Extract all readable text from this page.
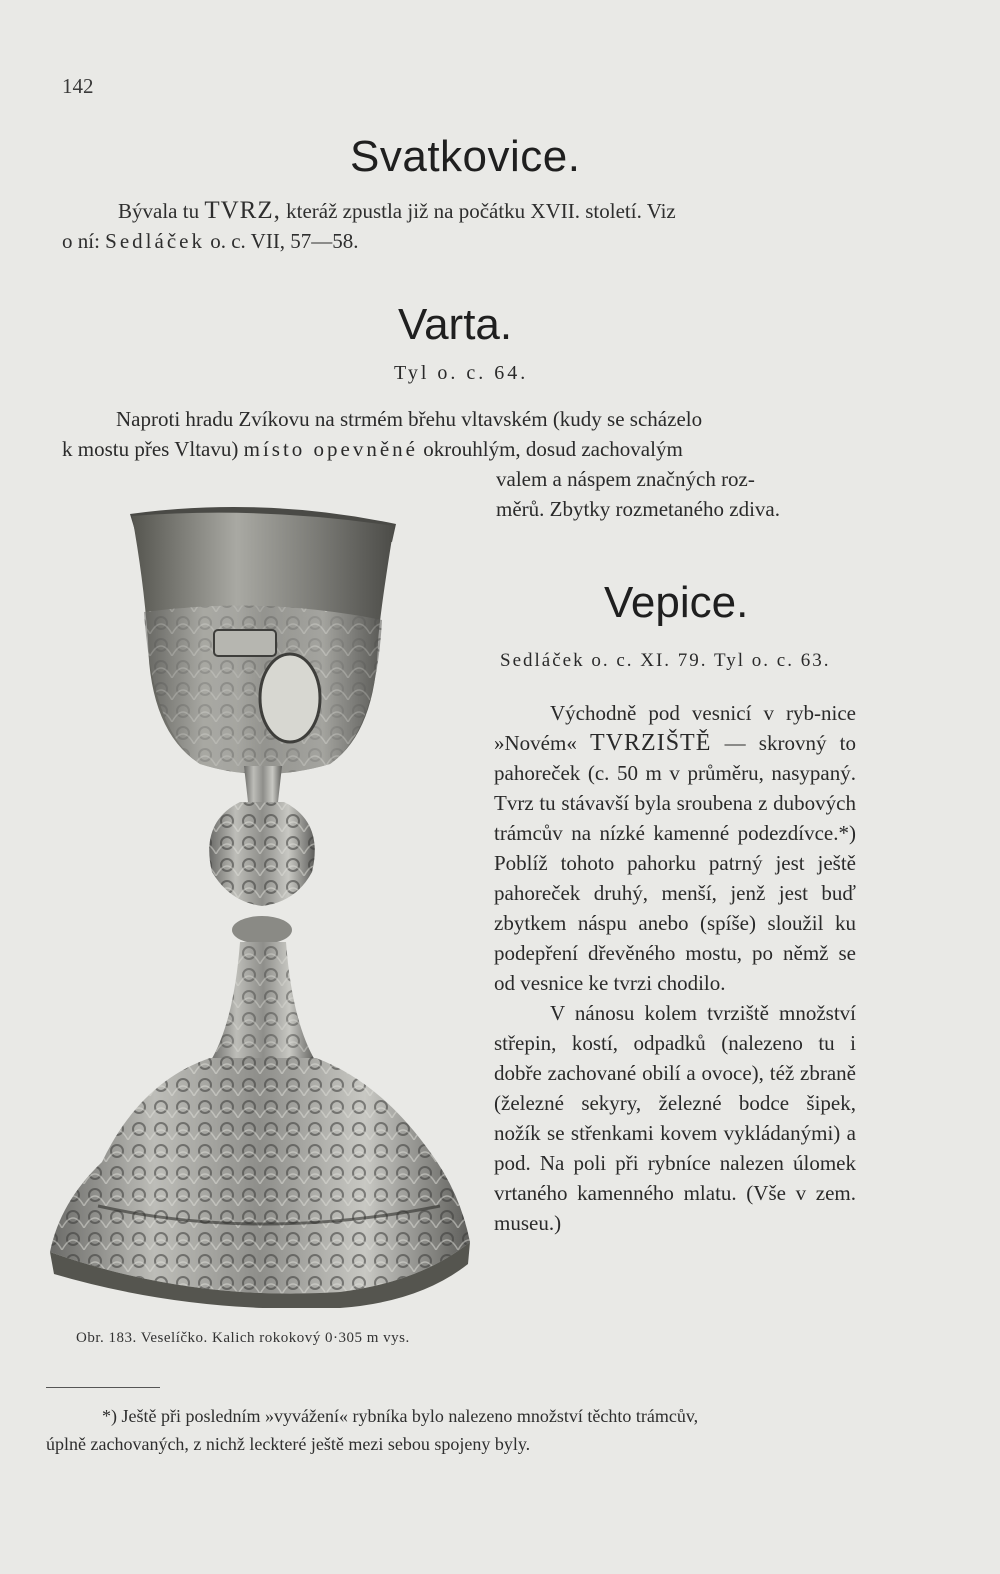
142
Svatkovice.
Bývala tu TVRZ, kteráž zpustla již na počátku XVII. století. Viz
o ní: Sedláček o. c. VII, 57—58.
Varta.
Tyl o. c. 64.
Naproti hradu Zvíkovu na strmém břehu vltavském (kudy se scházelo
k mostu přes Vltavu) místo opevněné okrouhlým, dosud zachovalým
valem a náspem značných roz-
měrů. Zbytky rozmetaného zdiva.
Obr. 183. Veselíčko. Kalich rokokový 0·305 m vys.
Vepice.
Sedláček o. c. XI. 79. Tyl o. c. 63.

Východně pod vesnicí v ryb-nice »Novém« TVRZIŠTĚ — skrovný to pahoreček (c. 50 m v průměru, nasypaný. Tvrz tu stávavší byla sroubena z dubových trámcův na nízké kamenné podezdívce.*) Poblíž tohoto pahorku patrný jest ještě pahoreček druhý, menší, jenž jest buď zbytkem náspu anebo (spíše) sloužil ku podepření dřevěného mostu, po němž se od vesnice ke tvrzi chodilo.

V nánosu kolem tvrziště množství střepin, kostí, odpadků (nalezeno tu i dobře zachované obilí a ovoce), též zbraně (železné sekyry, železné bodce šipek, nožík se střenkami kovem vykládanými) a pod. Na poli při rybníce nalezen úlomek vrtaného kamenného mlatu. (Vše v zem. museu.)

*) Ještě při posledním »vyvážení« rybníka bylo nalezeno množství těchto trámcův,
úplně zachovaných, z nichž leckteré ještě mezi sebou spojeny byly.
